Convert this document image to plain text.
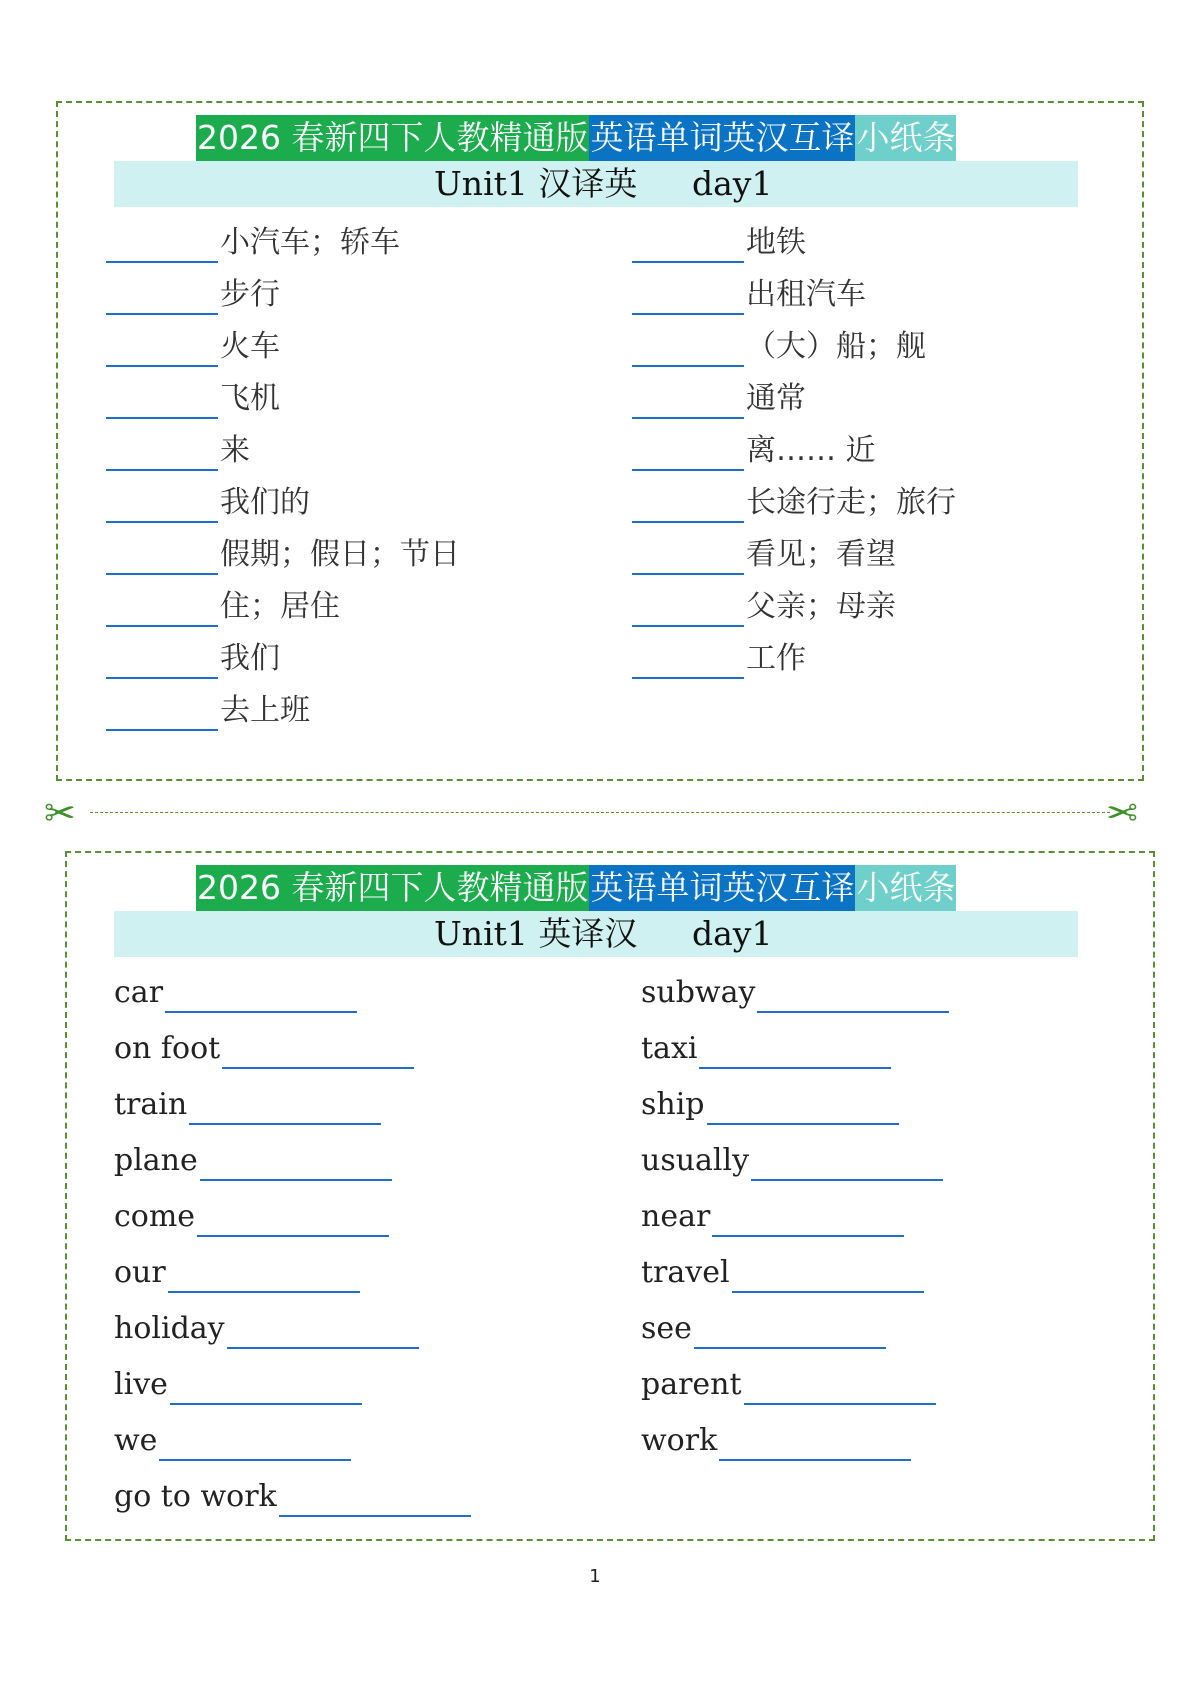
2026 春新四下人教精通版 英语单词英汉互译 小纸条
Unit1 汉译英 day1
小汽车；轿车
步行
火车
飞机
来
我们的
假期；假日；节日
住；居住
我们
去上班
地铁
出租汽车
（大）船；舰
通常
离…… 近
长途行走；旅行
看见；看望
父亲；母亲
工作
✂	✂
2026 春新四下人教精通版 英语单词英汉互译 小纸条
Unit1 英译汉 day1
car
on foot
train
plane
come
our
holiday
live
we
go to work
subway
taxi
ship
usually
near
travel
see
parent
work
1
